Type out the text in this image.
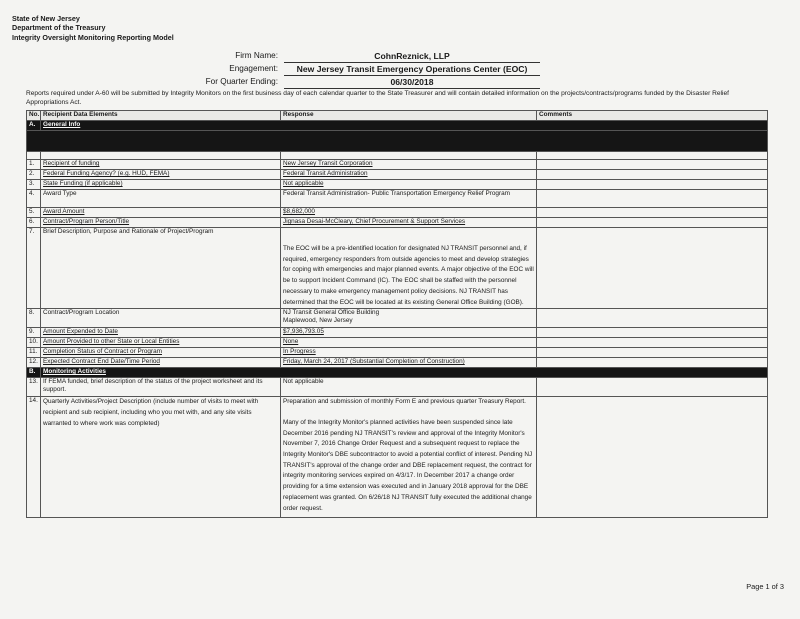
State of New Jersey
Department of the Treasury
Integrity Oversight Monitoring Reporting Model
Firm Name:	CohnReznick, LLP
Engagement:	New Jersey Transit Emergency Operations Center (EOC)
For Quarter Ending:	06/30/2018
Reports required under A-60 will be submitted by Integrity Monitors on the first business day of each calendar quarter to the State Treasurer and will contain detailed information on the projects/contracts/programs funded by the Disaster Relief Appropriations Act.
No.	Recipient Data Elements	Response	Comments
A.	General Info		

1.	Recipient of funding	New Jersey Transit Corporation	
2.	Federal Funding Agency? (e.g. HUD, FEMA)	Federal Transit Administration	
3.	State Funding (if applicable)	Not applicable	
4.	Award Type	Federal Transit Administration- Public Transportation Emergency Relief Program	
5.	Award Amount	$8,682,000	
6.	Contract/Program Person/Title	Jignasa Desai-McCleary, Chief Procurement & Support Services	
7.	Brief Description, Purpose and Rationale of Project/Program	The EOC will be a pre-identified location for designated NJ TRANSIT personnel and, if required, emergency responders from outside agencies to meet and develop strategies for coping with emergencies and major planned events. A major objective of the EOC will be to support Incident Command (IC). The EOC shall be staffed with the personnel necessary to make emergency management policy decisions. NJ TRANSIT has determined that the EOC will be located at its existing General Office Building (GOB).	
8.	Contract/Program Location	NJ Transit General Office Building
Maplewood, New Jersey	

9.	Amount Expended to Date	$7,936,793.05	
10.	Amount Provided to other State or Local Entities	None	
11.	Completion Status of Contract or Program	In Progress	
12.	Expected Contract End Date/Time Period	Friday, March 24, 2017 (Substantial Completion of Construction)	
B.	Monitoring Activities		
13.	If FEMA funded, brief description of the status of the project worksheet and its support.	Not applicable	
14.	Quarterly Activities/Project Description (include number of visits to meet with recipient and sub recipient, including who you met with, and any site visits warranted to where work was completed)	Preparation and submission of monthly Form E and previous quarter Treasury Report.
Many of the Integrity Monitor's planned activities have been suspended since late December 2016 pending NJ TRANSIT's review and approval of the Integrity Monitor's November 7, 2016 Change Order Request and a subsequent request to replace the Integrity Monitor's DBE subcontractor to avoid a potential conflict of interest. Pending NJ TRANSIT's approval of the change order and DBE replacement request, the contract for integrity monitoring services expired on 4/3/17. In December 2017 a change order providing for a time extension was executed and in January 2018 approval for the DBE replacement was granted. On 6/26/18 NJ TRANSIT fully executed the additional change order request.	

Page 1 of 3
